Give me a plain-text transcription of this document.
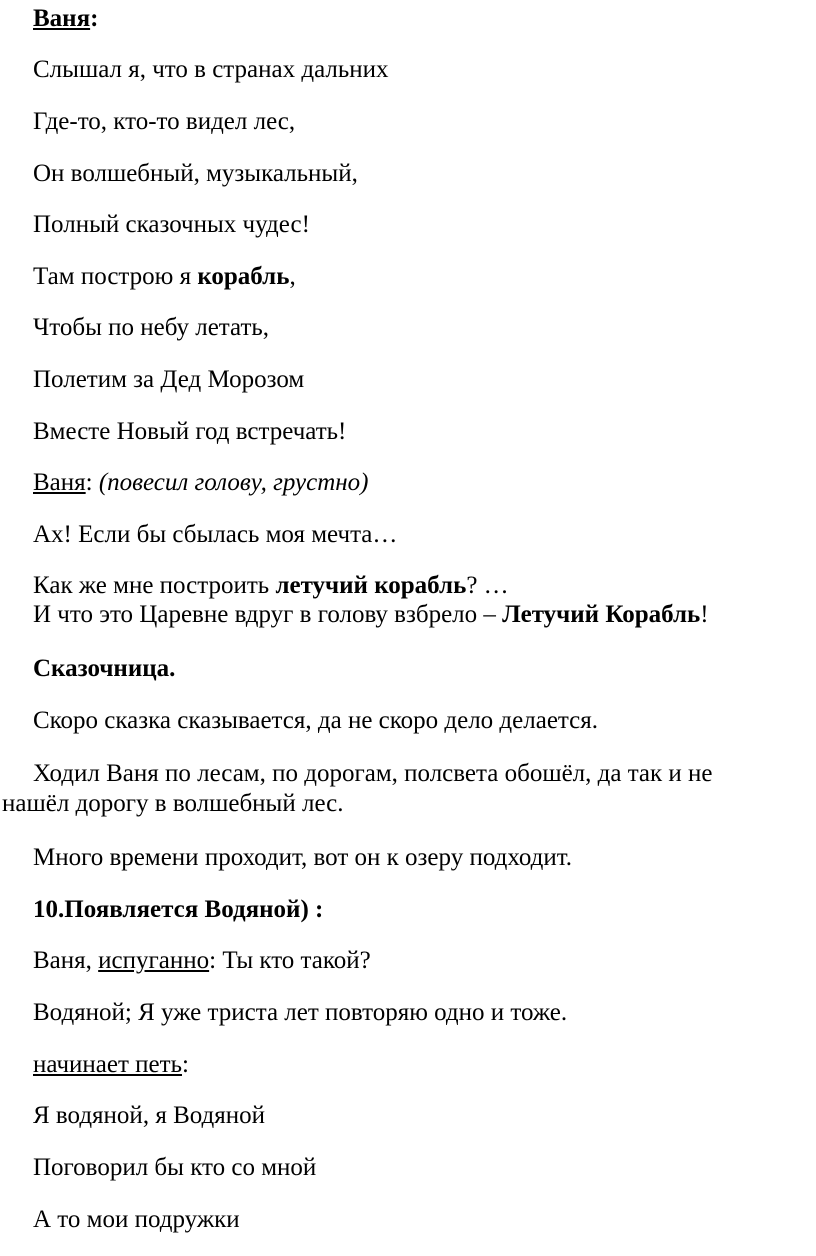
Ваня:

Слышал я, что в странах дальних

Где-то, кто-то видел лес,

Он волшебный, музыкальный,

Полный сказочных чудес!

Там построю я корабль,

Чтобы по небу летать,

Полетим за Дед Морозом

Вместе Новый год встречать!

Ваня: (повесил голову, грустно)

Ах! Если бы сбылась моя мечта…

Как же мне построить летучий корабль? …

И что это Царевне вдруг в голову взбрело – Летучий Корабль!

Сказочница.

Скоро сказка сказывается, да не скоро дело делается.

Ходил Ваня по лесам, по дорогам, полсвета обошёл, да так и не

нашёл дорогу в волшебный лес.

Много времени проходит, вот он к озеру подходит.

10.Появляется Водяной) :

Ваня, испуганно: Ты кто такой?

Водяной; Я уже триста лет повторяю одно и тоже.

начинает петь:

Я водяной, я Водяной

Поговорил бы кто со мной

А то мои подружки
